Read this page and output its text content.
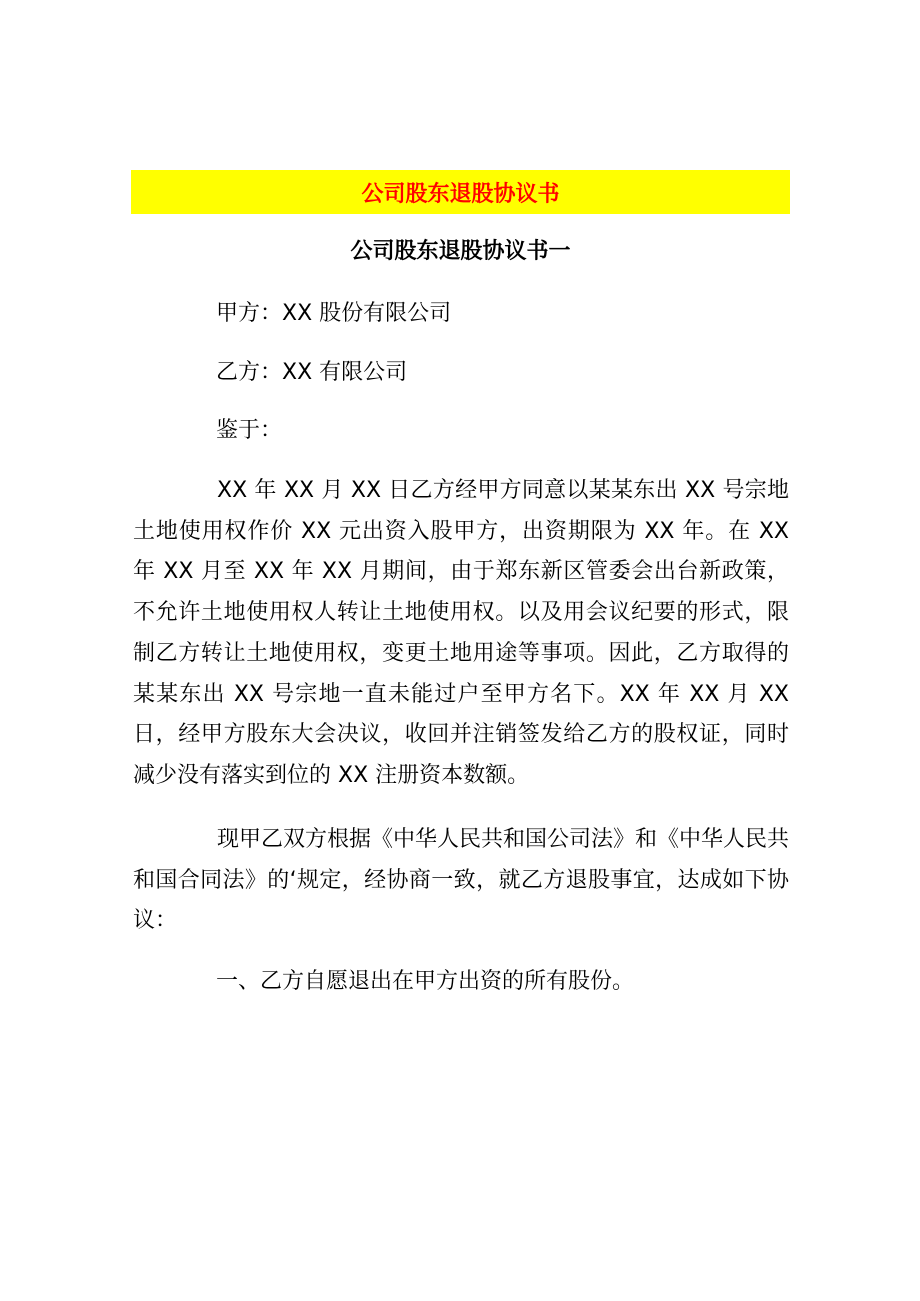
公司股东退股协议书
公司股东退股协议书一
甲方：XX 股份有限公司
乙方：XX 有限公司
鉴于：
XX 年 XX 月 XX 日乙方经甲方同意以某某东出 XX 号宗地土地使用权作价 XX 元出资入股甲方，出资期限为 XX 年。在 XX 年 XX 月至 XX 年 XX 月期间，由于郑东新区管委会出台新政策，不允许土地使用权人转让土地使用权。以及用会议纪要的形式，限制乙方转让土地使用权，变更土地用途等事项。因此，乙方取得的某某东出 XX 号宗地一直未能过户至甲方名下。XX 年 XX 月 XX 日，经甲方股东大会决议，收回并注销签发给乙方的股权证，同时减少没有落实到位的 XX 注册资本数额。
现甲乙双方根据《中华人民共和国公司法》和《中华人民共和国合同法》的‘规定，经协商一致，就乙方退股事宜，达成如下协议：
一、乙方自愿退出在甲方出资的所有股份。
